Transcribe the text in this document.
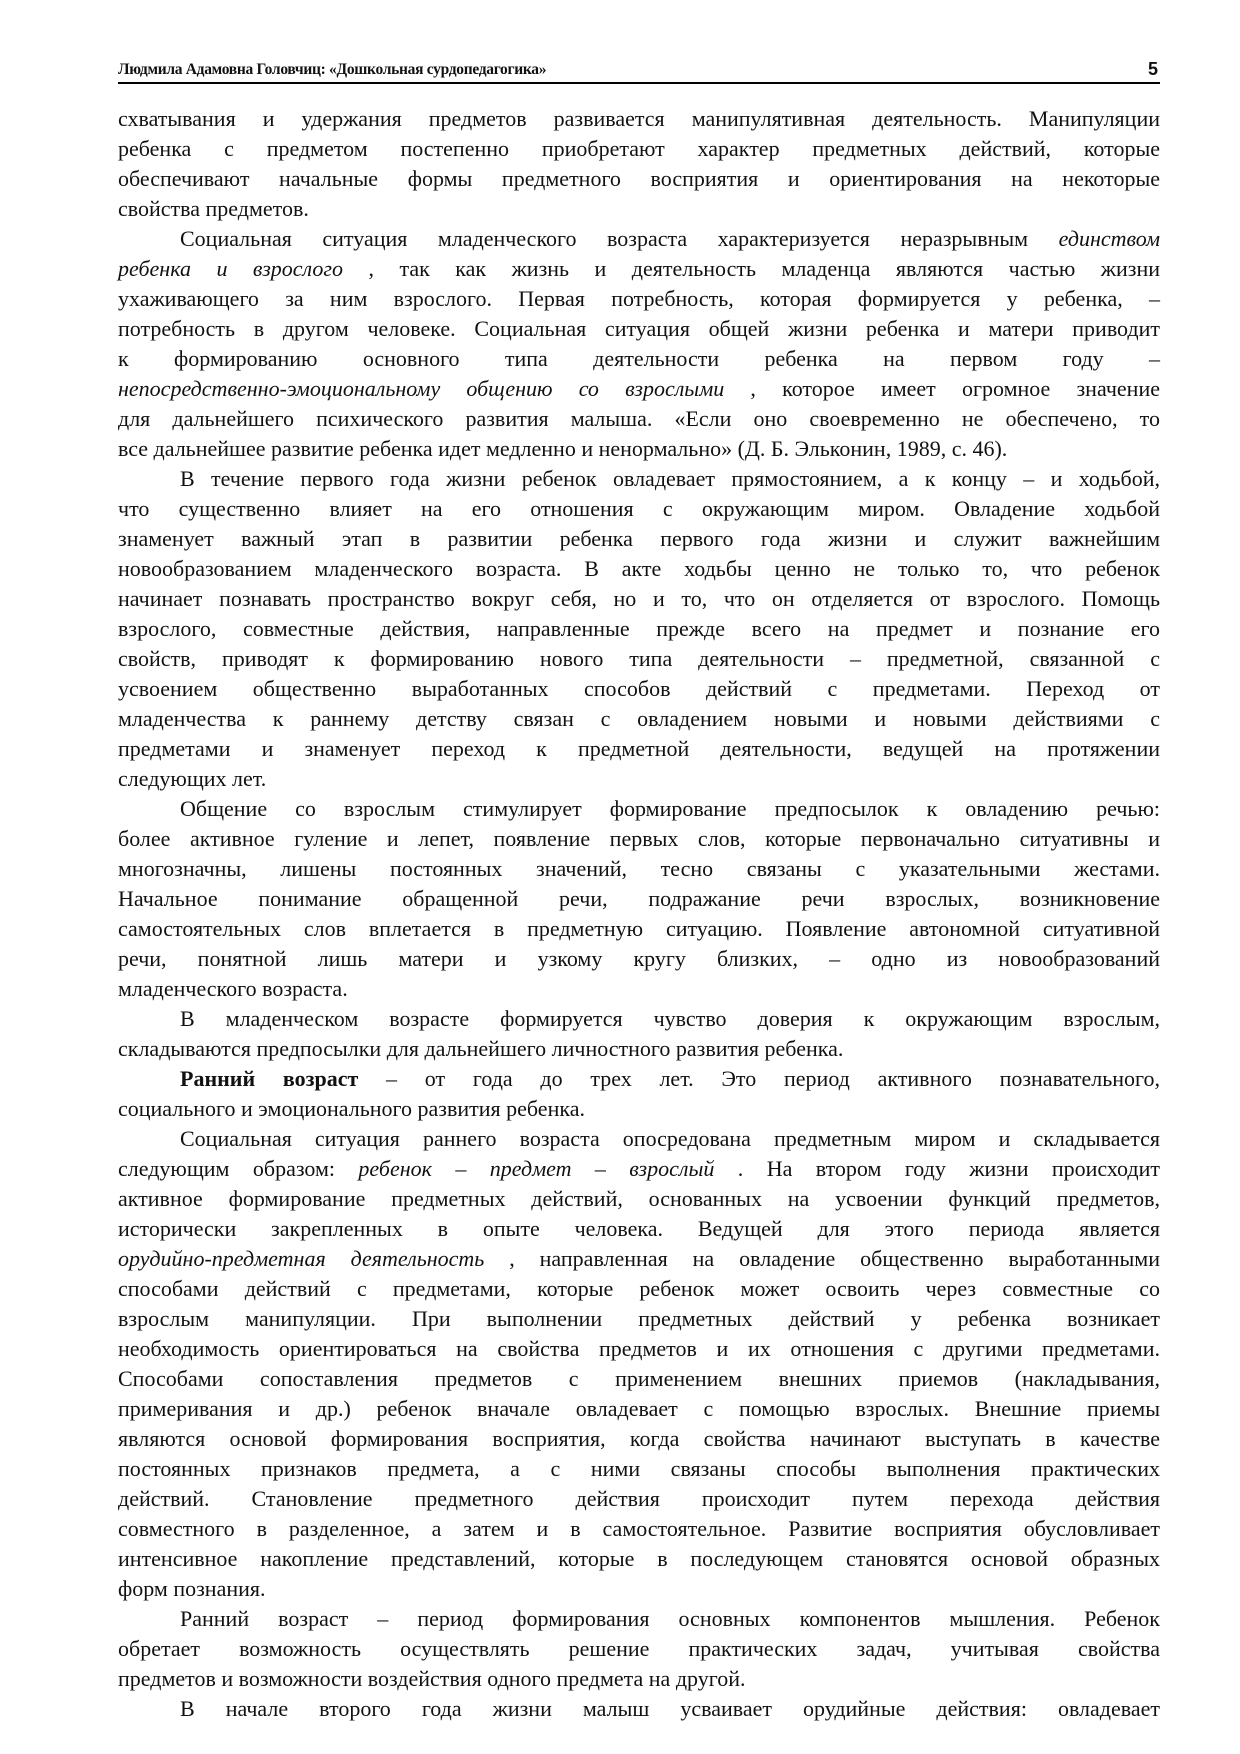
Людмила Адамовна Головчиц: «Дошкольная сурдопедагогика»	5
схватывания и удержания предметов развивается манипулятивная деятельность. Манипуляции
ребенка с предметом постепенно приобретают характер предметных действий, которые
обеспечивают начальные формы предметного восприятия и ориентирования на некоторые
свойства предметов.
Социальная ситуация младенческого возраста характеризуется неразрывным единством
ребенка и взрослого , так как жизнь и деятельность младенца являются частью жизни
ухаживающего за ним взрослого. Первая потребность, которая формируется у ребенка, –
потребность в другом человеке. Социальная ситуация общей жизни ребенка и матери приводит
к формированию основного типа деятельности ребенка на первом году –
непосредственно-эмоциональному общению со взрослыми , которое имеет огромное значение
для дальнейшего психического развития малыша. «Если оно своевременно не обеспечено, то
все дальнейшее развитие ребенка идет медленно и ненормально» (Д. Б. Эльконин, 1989, с. 46).
В течение первого года жизни ребенок овладевает прямостоянием, а к концу – и ходьбой,
что существенно влияет на его отношения с окружающим миром. Овладение ходьбой
знаменует важный этап в развитии ребенка первого года жизни и служит важнейшим
новообразованием младенческого возраста. В акте ходьбы ценно не только то, что ребенок
начинает познавать пространство вокруг себя, но и то, что он отделяется от взрослого. Помощь
взрослого, совместные действия, направленные прежде всего на предмет и познание его
свойств, приводят к формированию нового типа деятельности – предметной, связанной с
усвоением общественно выработанных способов действий с предметами. Переход от
младенчества к раннему детству связан с овладением новыми и новыми действиями с
предметами и знаменует переход к предметной деятельности, ведущей на протяжении
следующих лет.
Общение со взрослым стимулирует формирование предпосылок к овладению речью:
более активное гуление и лепет, появление первых слов, которые первоначально ситуативны и
многозначны, лишены постоянных значений, тесно связаны с указательными жестами.
Начальное понимание обращенной речи, подражание речи взрослых, возникновение
самостоятельных слов вплетается в предметную ситуацию. Появление автономной ситуативной
речи, понятной лишь матери и узкому кругу близких, – одно из новообразований
младенческого возраста.
В младенческом возрасте формируется чувство доверия к окружающим взрослым,
складываются предпосылки для дальнейшего личностного развития ребенка.
Ранний возраст – от года до трех лет. Это период активного познавательного,
социального и эмоционального развития ребенка.
Социальная ситуация раннего возраста опосредована предметным миром и складывается
следующим образом: ребенок – предмет – взрослый . На втором году жизни происходит
активное формирование предметных действий, основанных на усвоении функций предметов,
исторически закрепленных в опыте человека. Ведущей для этого периода является
орудийно-предметная деятельность , направленная на овладение общественно выработанными
способами действий с предметами, которые ребенок может освоить через совместные со
взрослым манипуляции. При выполнении предметных действий у ребенка возникает
необходимость ориентироваться на свойства предметов и их отношения с другими предметами.
Способами сопоставления предметов с применением внешних приемов (накладывания,
примеривания и др.) ребенок вначале овладевает с помощью взрослых. Внешние приемы
являются основой формирования восприятия, когда свойства начинают выступать в качестве
постоянных признаков предмета, а с ними связаны способы выполнения практических
действий. Становление предметного действия происходит путем перехода действия
совместного в разделенное, а затем и в самостоятельное. Развитие восприятия обусловливает
интенсивное накопление представлений, которые в последующем становятся основой образных
форм познания.
Ранний возраст – период формирования основных компонентов мышления. Ребенок
обретает возможность осуществлять решение практических задач, учитывая свойства
предметов и возможности воздействия одного предмета на другой.
В начале второго года жизни малыш усваивает орудийные действия: овладевает
